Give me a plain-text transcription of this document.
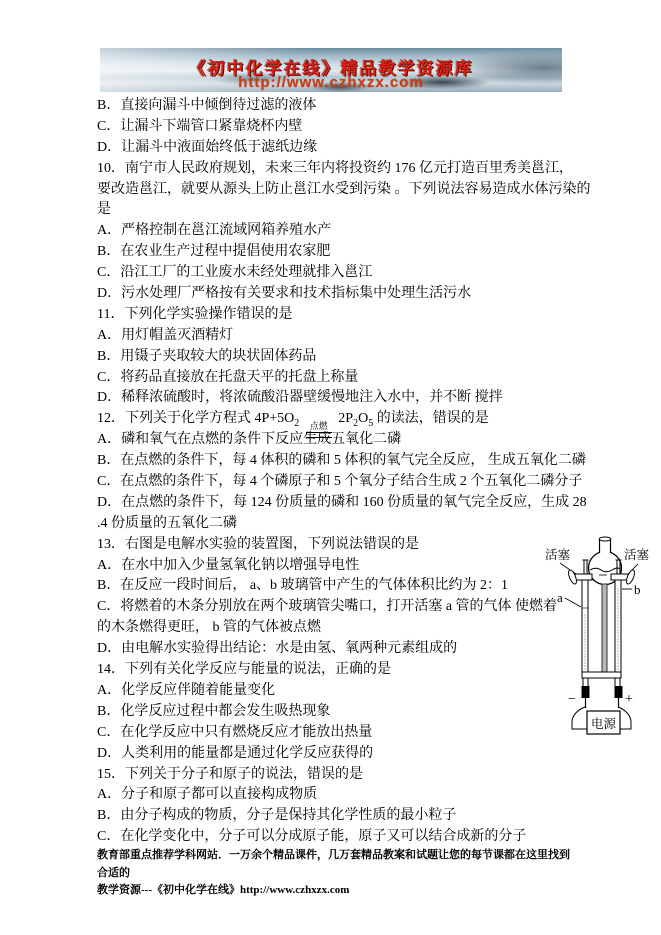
《初中化学在线》精品教学资源库
http://www.czhxzx.com
B．直接向漏斗中倾倒待过滤的液体
C．让漏斗下端管口紧靠烧杯内壁
D．让漏斗中液面始终低于滤纸边缘
10．南宁市人民政府规划，未来三年内将投资约 176 亿元打造百里秀美邕江，
要改造邕江，就要从源头上防止邕江水受到污染 。下列说法容易造成水体污染的
是
A．严格控制在邕江流域网箱养殖水产
B．在农业生产过程中提倡使用农家肥
C．沿江工厂的工业废水未经处理就排入邕江
D．污水处理厂严格按有关要求和技术指标集中处理生活污水
11．下列化学实验操作错误的是
A．用灯帽盖灭酒精灯
B．用镊子夹取较大的块状固体药品
C．将药品直接放在托盘天平的托盘上称量
D．稀释浓硫酸时，将浓硫酸沿器壁缓慢地注入水中，并不断 搅拌
12．下列关于化学方程式 $4P+5O_2$ 点燃 $2P_2O_5$ 的读法，错误的是
A．磷和氧气在点燃的条件下反应生成五氧化二磷
B．在点燃的条件下，每 4 体积的磷和 5 体积的氧气完全反应， 生成五氧化二磷
C．在点燃的条件下，每 4 个磷原子和 5 个氧分子结合生成 2 个五氧化二磷分子
D．在点燃的条件下，每 124 份质量的磷和 160 份质量的氧气完全反应，生成 28
.4 份质量的五氧化二磷
13．右图是电解水实验的装置图，下列说法错误的是
A．在水中加入少量氢氧化钠以增强导电性
B．在反应一段时间后， a、b 玻璃管中产生的气体体积比约为 2：1
C．将燃着的木条分别放在两个玻璃管尖嘴口，打开活塞 a 管的气体 使燃着
的木条燃得更旺， b 管的气体被点燃
D．由电解水实验得出结论：水是由氢、氧两种元素组成的
14．下列有关化学反应与能量的说法，正确的是
A．化学反应伴随着能量变化
B．化学反应过程中都会发生吸热现象
C．在化学反应中只有燃烧反应才能放出热量
D．人类利用的能量都是通过化学反应获得的
15．下列关于分子和原子的说法，错误的是
A．分子和原子都可以直接构成物质
B．由分子构成的物质，分子是保持其化学性质的最小粒子
C．在化学变化中，分子可以分成原子能，原子又可以结合成新的分子
活塞	活塞
a
b
−	+
电源
教育部重点推荐学科网站．一万余个精品课件，几万套精品教案和试题让您的每节课都在这里找到合适的
教学资源---《初中化学在线》http://www.czhxzx.com
